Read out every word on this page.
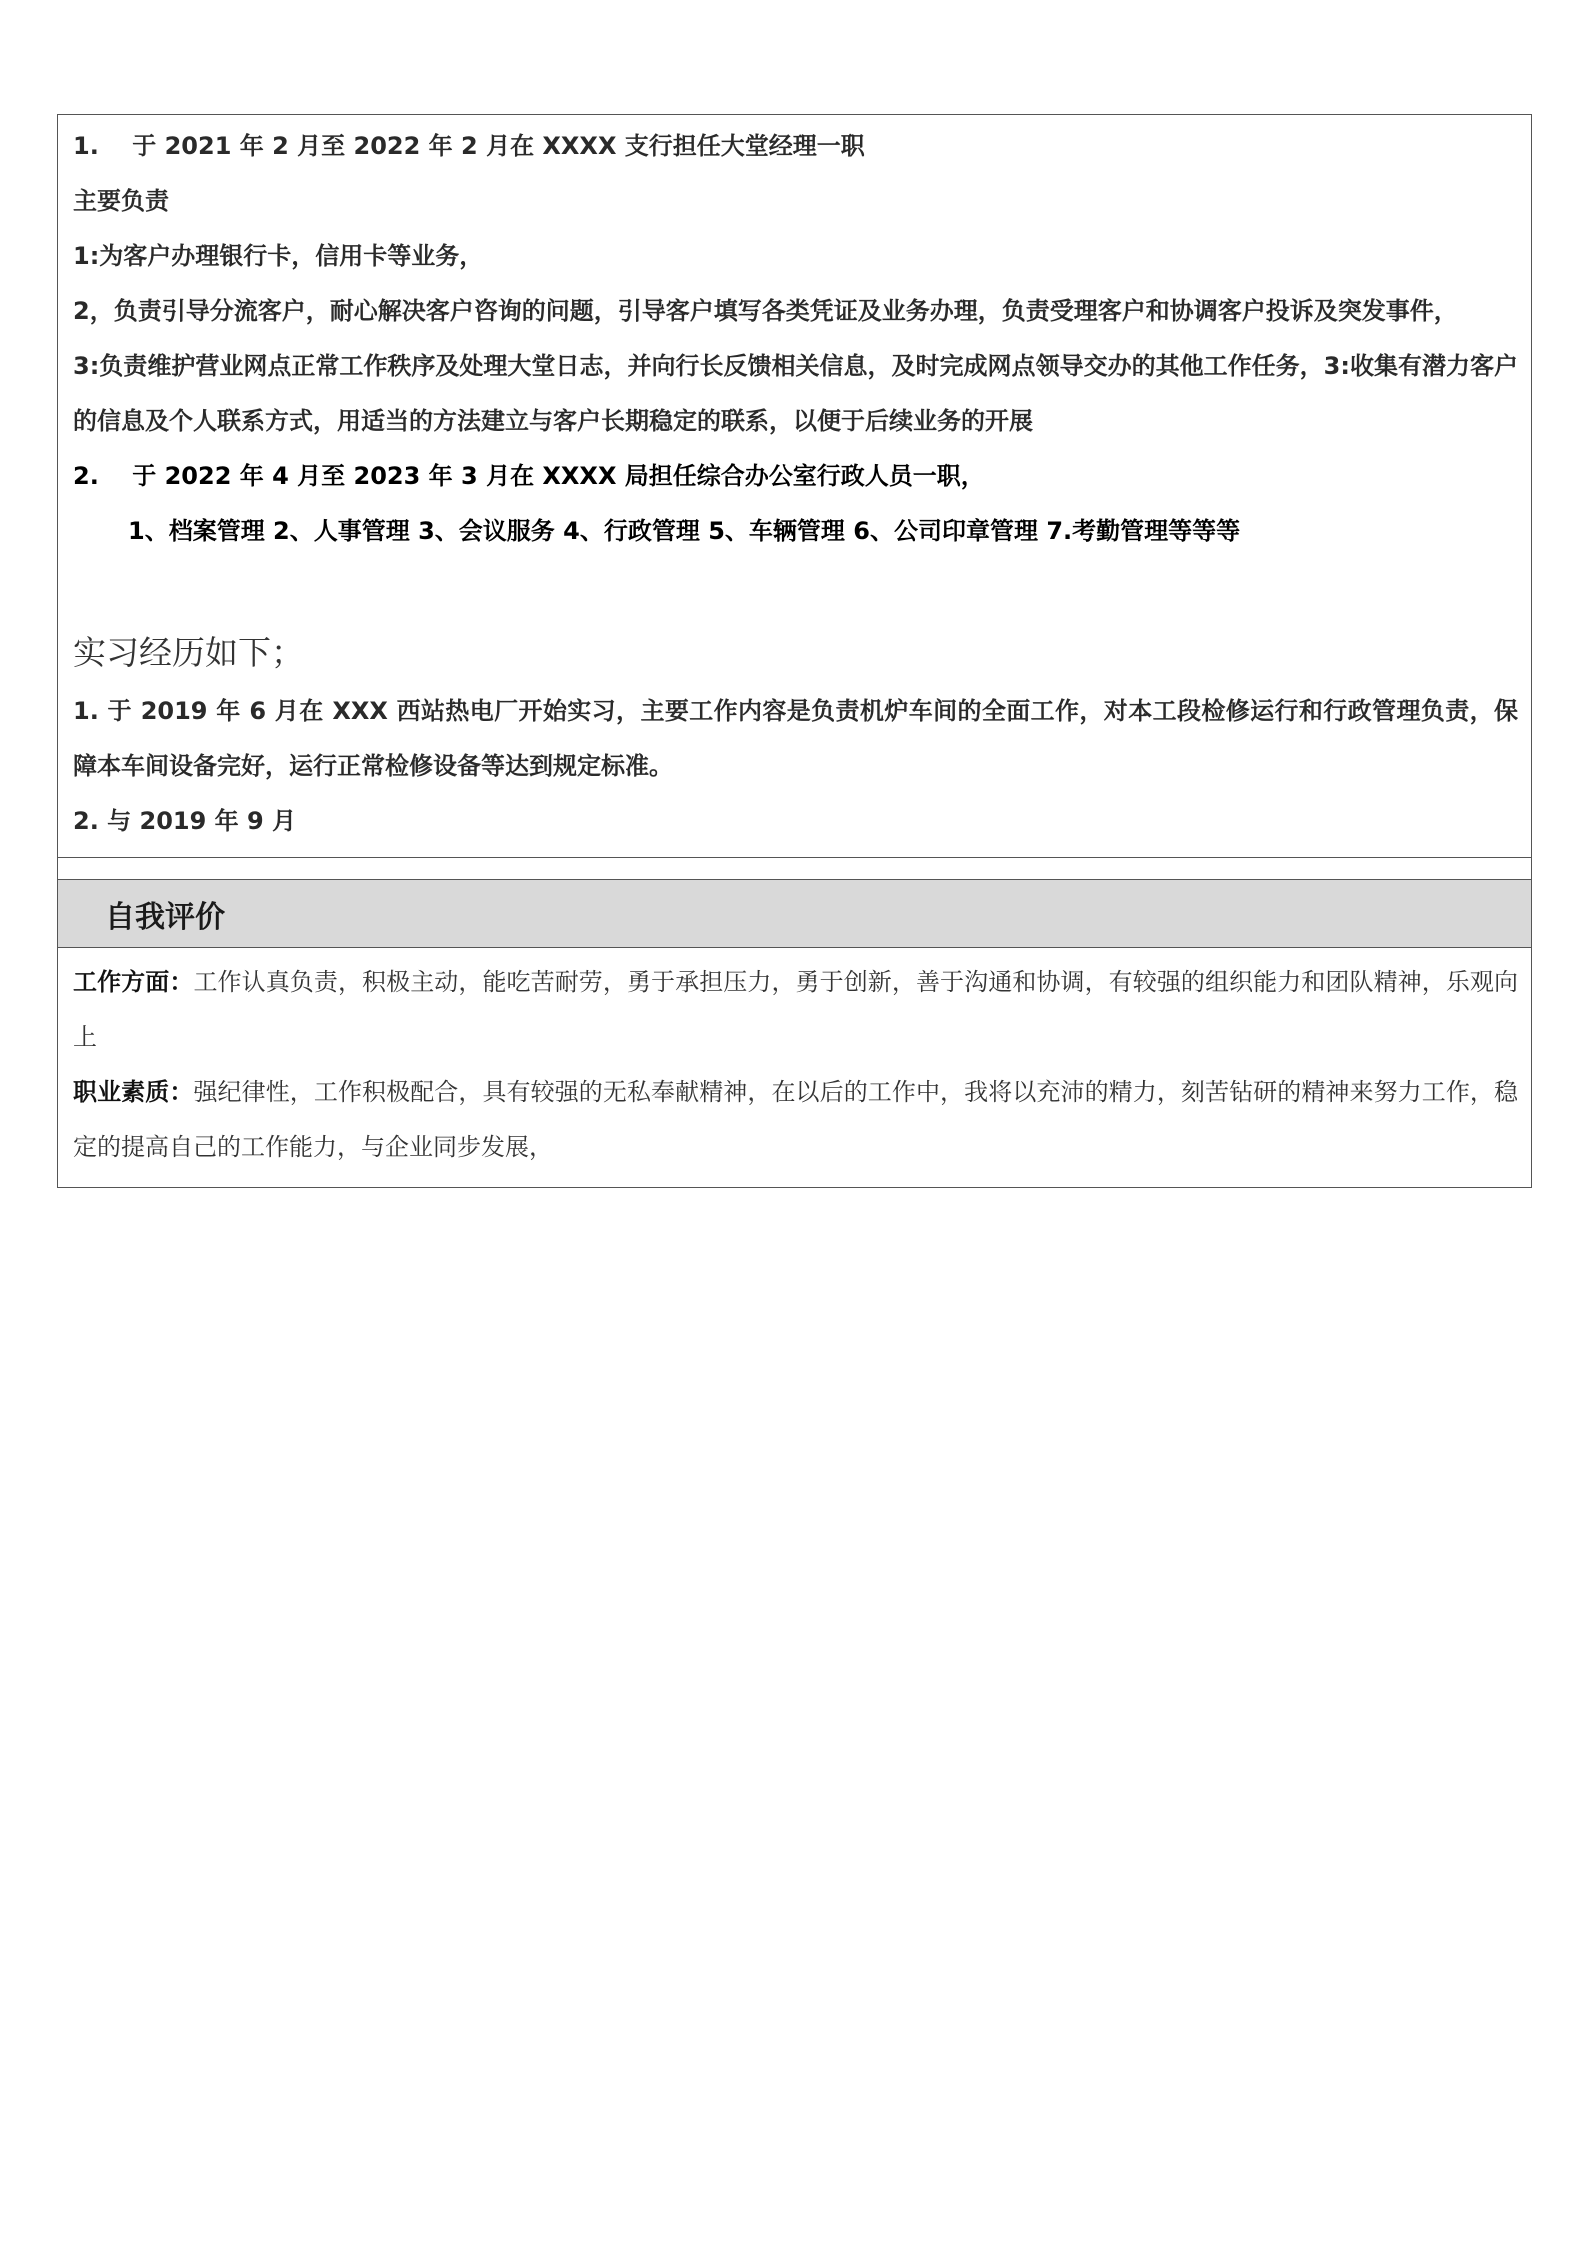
1.    于 2021 年 2 月至 2022 年 2 月在 XXXX 支行担任大堂经理一职
主要负责
1:为客户办理银行卡，信用卡等业务，
2，负责引导分流客户，耐心解决客户咨询的问题，引导客户填写各类凭证及业务办理，负责受理客户和协调客户投诉及突发事件，
3:负责维护营业网点正常工作秩序及处理大堂日志，并向行长反馈相关信息，及时完成网点领导交办的其他工作任务，3:收集有潜力客户的信息及个人联系方式，用适当的方法建立与客户长期稳定的联系，以便于后续业务的开展
2.    于 2022 年 4 月至 2023 年 3 月在 XXXX 局担任综合办公室行政人员一职，
1、档案管理 2、人事管理 3、会议服务 4、行政管理 5、车辆管理 6、公司印章管理 7.考勤管理等等等
实习经历如下；
1. 于 2019 年 6 月在 XXX 西站热电厂开始实习，主要工作内容是负责机炉车间的全面工作，对本工段检修运行和行政管理负责，保障本车间设备完好，运行正常检修设备等达到规定标准。
2. 与 2019 年 9 月
自我评价
工作方面：工作认真负责，积极主动，能吃苦耐劳，勇于承担压力，勇于创新，善于沟通和协调，有较强的组织能力和团队精神，乐观向上
职业素质：强纪律性，工作积极配合，具有较强的无私奉献精神，在以后的工作中，我将以充沛的精力，刻苦钻研的精神来努力工作，稳定的提高自己的工作能力，与企业同步发展，
